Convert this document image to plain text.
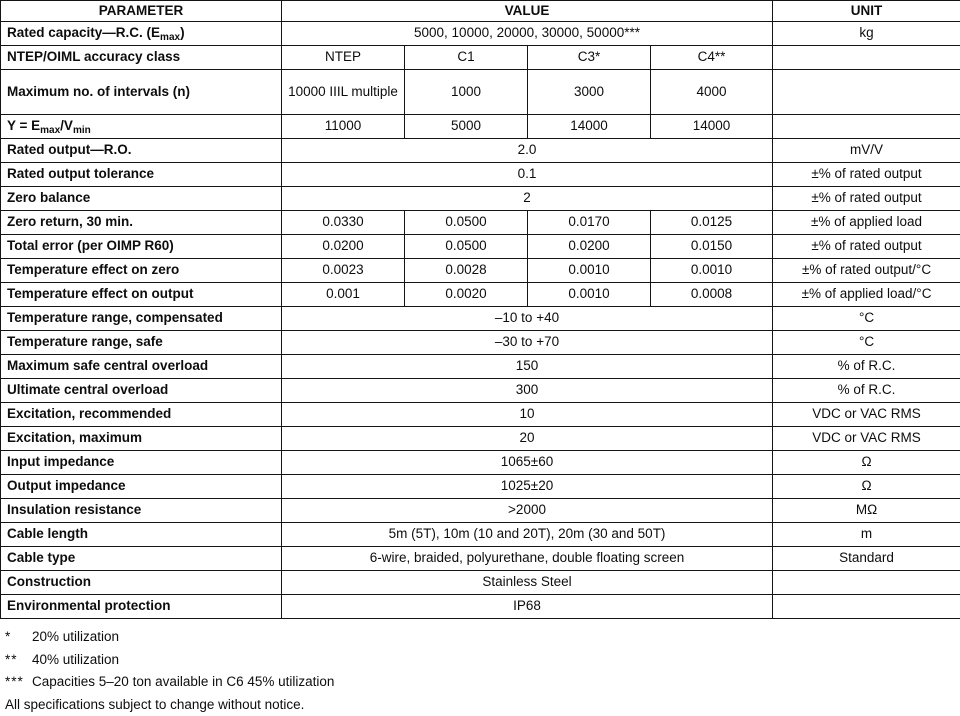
PARAMETER	VALUE				UNIT
Rated capacity—R.C. $(E_{max})$	5000, 10000, 20000, 30000, 50000***				kg
NTEP/OIML accuracy class	NTEP	C1	C3*	C4**	
Maximum no. of intervals (n)	10000 IIIL multiple	1000	3000	4000	
$Y = E_{max}/V_{min}$	11000	5000	14000	14000	
Rated output—R.O.	2.0				mV/V
Rated output tolerance	0.1				±% of rated output
Zero balance	2				±% of rated output
Zero return, 30 min.	0.0330	0.0500	0.0170	0.0125	±% of applied load
Total error (per OIMP R60)	0.0200	0.0500	0.0200	0.0150	±% of rated output
Temperature effect on zero	0.0023	0.0028	0.0010	0.0010	±% of rated output/°C
Temperature effect on output	0.001	0.0020	0.0010	0.0008	±% of applied load/°C
Temperature range, compensated	–10 to +40				°C
Temperature range, safe	–30 to +70				°C
Maximum safe central overload	150				% of R.C.
Ultimate central overload	300				% of R.C.
Excitation, recommended	10				VDC or VAC RMS
Excitation, maximum	20				VDC or VAC RMS
Input impedance	1065±60				Ω
Output impedance	1025±20				Ω
Insulation resistance	>2000				MΩ
Cable length	5m (5T), 10m (10 and 20T), 20m (30 and 50T)				m
Cable type	6-wire, braided, polyurethane, double floating screen				Standard
Construction	Stainless Steel				
Environmental protection	IP68				
*	20% utilization
**	40% utilization
*** Capacities 5–20 ton available in C6 45% utilization
All specifications subject to change without notice.
